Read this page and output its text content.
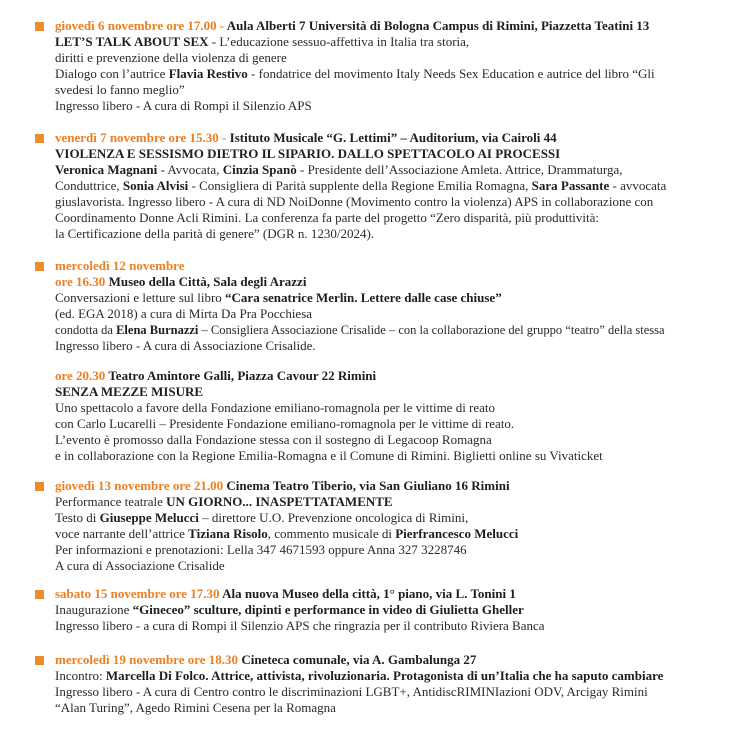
giovedì 6 novembre ore 17.00 - Aula Alberti 7 Università di Bologna Campus di Rimini, Piazzetta Teatini 13
LET’S TALK ABOUT SEX - L’educazione sessuo-affettiva in Italia tra storia,
diritti e prevenzione della violenza di genere
Dialogo con l’autrice Flavia Restivo - fondatrice del movimento Italy Needs Sex Education e autrice del libro “Gli
svedesi lo fanno meglio”
Ingresso libero - A cura di Rompi il Silenzio APS
venerdì 7 novembre ore 15.30 - Istituto Musicale “G. Lettimi” – Auditorium, via Cairoli 44
VIOLENZA E SESSISMO DIETRO IL SIPARIO. DALLO SPETTACOLO AI PROCESSI
Veronica Magnani - Avvocata, Cinzia Spanò - Presidente dell’Associazione Amleta. Attrice, Drammaturga,
Conduttrice, Sonia Alvisi - Consigliera di Parità supplente della Regione Emilia Romagna, Sara Passante - avvocata
giuslavorista. Ingresso libero - A cura di ND NoiDonne (Movimento contro la violenza) APS in collaborazione con
Coordinamento Donne Acli Rimini. La conferenza fa parte del progetto “Zero disparità, più produttività:
la Certificazione della parità di genere” (DGR n. 1230/2024).
mercoledì 12 novembre
ore 16.30 Museo della Città, Sala degli Arazzi
Conversazioni e letture sul libro “Cara senatrice Merlin. Lettere dalle case chiuse”
(ed. EGA 2018) a cura di Mirta Da Pra Pocchiesa
condotta da Elena Burnazzi – Consigliera Associazione Crisalide – con la collaborazione del gruppo “teatro” della stessa
Ingresso libero - A cura di Associazione Crisalide.
ore 20.30 Teatro Amintore Galli, Piazza Cavour 22 Rimini
SENZA MEZZE MISURE
Uno spettacolo a favore della Fondazione emiliano-romagnola per le vittime di reato
con Carlo Lucarelli – Presidente Fondazione emiliano-romagnola per le vittime di reato.
L’evento è promosso dalla Fondazione stessa con il sostegno di Legacoop Romagna
e in collaborazione con la Regione Emilia-Romagna e il Comune di Rimini. Biglietti online su Vivaticket
giovedì 13 novembre ore 21.00 Cinema Teatro Tiberio, via San Giuliano 16 Rimini
Performance teatrale UN GIORNO... INASPETTATAMENTE
Testo di Giuseppe Melucci – direttore U.O. Prevenzione oncologica di Rimini,
voce narrante dell’attrice Tiziana Risolo, commento musicale di Pierfrancesco Melucci
Per informazioni e prenotazioni: Lella 347 4671593 oppure Anna 327 3228746
A cura di Associazione Crisalide
sabato 15 novembre ore 17.30 Ala nuova Museo della città, 1° piano, via L. Tonini 1
Inaugurazione “Gineceo” sculture, dipinti e performance in video di Giulietta Gheller
Ingresso libero - a cura di Rompi il Silenzio APS che ringrazia per il contributo Riviera Banca
mercoledì 19 novembre ore 18.30 Cineteca comunale, via A. Gambalunga 27
Incontro: Marcella Di Folco. Attrice, attivista, rivoluzionaria. Protagonista di un’Italia che ha saputo cambiare
Ingresso libero - A cura di Centro contro le discriminazioni LGBT+, AntidiscRIMINIazioni ODV, Arcigay Rimini
“Alan Turing”, Agedo Rimini Cesena per la Romagna
